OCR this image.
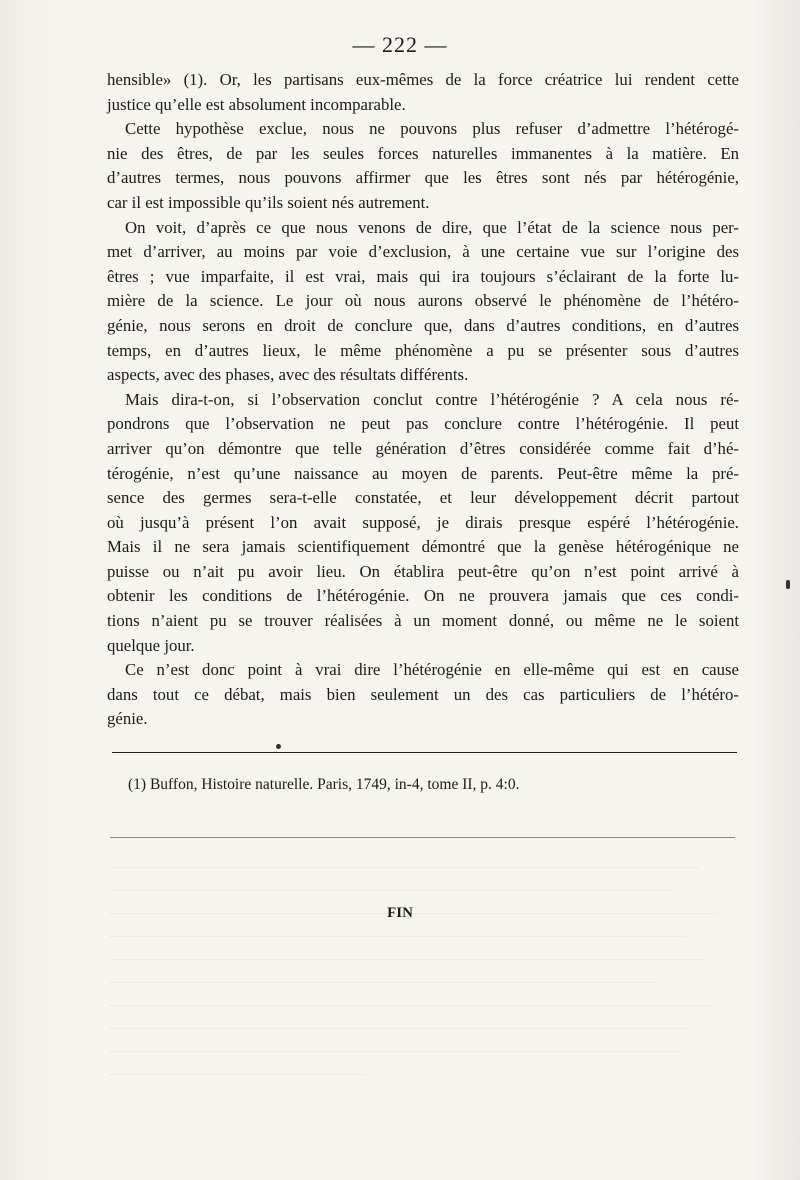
— 222 —
hensible» (1). Or, les partisans eux-mêmes de la force créatrice lui rendent cette
justice qu’elle est absolument incomparable.
Cette hypothèse exclue, nous ne pouvons plus refuser d’admettre l’hétérogé-
nie des êtres, de par les seules forces naturelles immanentes à la matière. En
d’autres termes, nous pouvons affirmer que les êtres sont nés par hétérogénie,
car il est impossible qu’ils soient nés autrement.
On voit, d’après ce que nous venons de dire, que l’état de la science nous per-
met d’arriver, au moins par voie d’exclusion, à une certaine vue sur l’origine des
êtres ; vue imparfaite, il est vrai, mais qui ira toujours s’éclairant de la forte lu-
mière de la science. Le jour où nous aurons observé le phénomène de l’hétéro-
génie, nous serons en droit de conclure que, dans d’autres conditions, en d’autres
temps, en d’autres lieux, le même phénomène a pu se présenter sous d’autres
aspects, avec des phases, avec des résultats différents.
Mais dira-t-on, si l’observation conclut contre l’hétérogénie ? A cela nous ré-
pondrons que l’observation ne peut pas conclure contre l’hétérogénie. Il peut
arriver qu’on démontre que telle génération d’êtres considérée comme fait d’hé-
térogénie, n’est qu’une naissance au moyen de parents. Peut-être même la pré-
sence des germes sera-t-elle constatée, et leur développement décrit partout
où jusqu’à présent l’on avait supposé, je dirais presque espéré l’hétérogénie.
Mais il ne sera jamais scientifiquement démontré que la genèse hétérogénique ne
puisse ou n’ait pu avoir lieu. On établira peut-être qu’on n’est point arrivé à
obtenir les conditions de l’hétérogénie. On ne prouvera jamais que ces condi-
tions n’aient pu se trouver réalisées à un moment donné, ou même ne le soient
quelque jour.
Ce n’est donc point à vrai dire l’hétérogénie en elle-même qui est en cause
dans tout ce débat, mais bien seulement un des cas particuliers de l’hétéro-
génie.
(1) Buffon, Histoire naturelle. Paris, 1749, in-4, tome II, p. 4:0.
FIN
